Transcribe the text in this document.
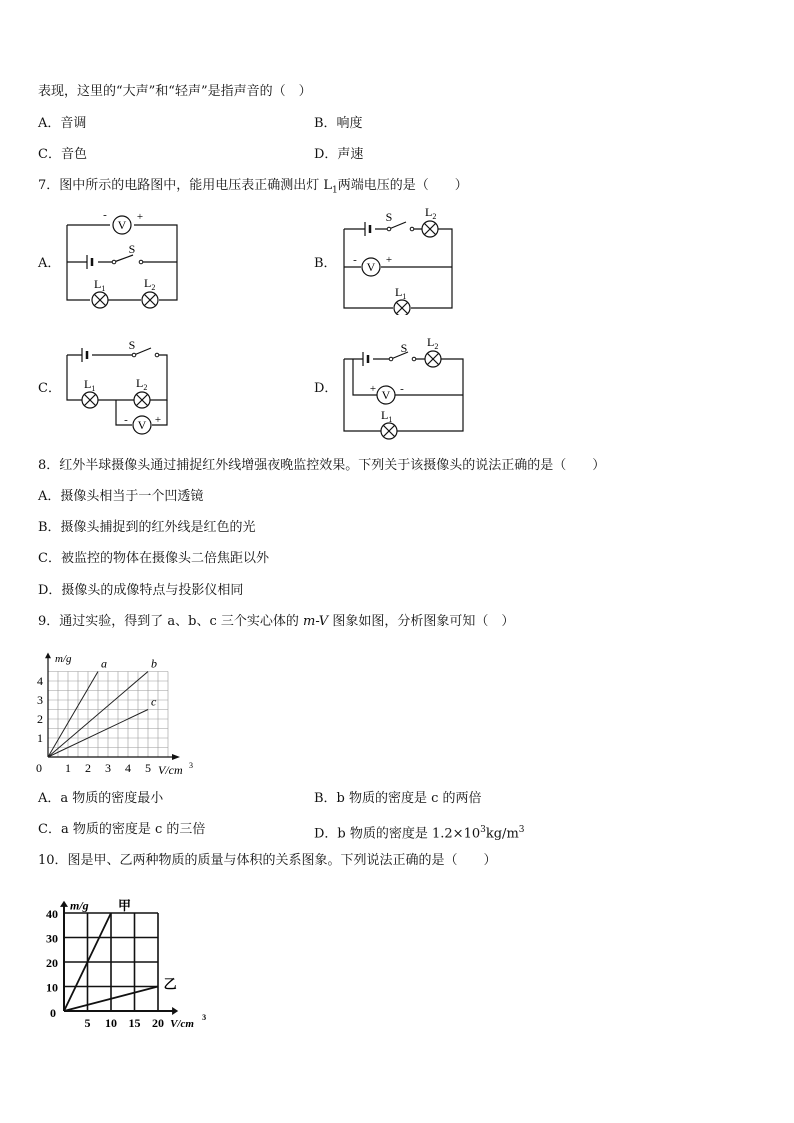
表现，这里的“大声”和“轻声”是指声音的（　）
A．音调	B．响度
C．音色	D．声速
7．图中所示的电路图中，能用电压表正确测出灯 $L_1$两端电压的是（　　）
A．	B．
C．	D．
V
-	+
S
$L_1$	$L_2$
S	$L_2$
$L_1$
V
-	+
S
$L_1$	$L_2$
V
- +
S $L_2$
$L_1$
V
+ -
8．红外半球摄像头通过捕捉红外线增强夜晚监控效果。下列关于该摄像头的说法正确的是（　　）
A．摄像头相当于一个凹透镜
B．摄像头捕捉到的红外线是红色的光
C．被监控的物体在摄像头二倍焦距以外
D．摄像头的成像特点与投影仪相同
9．通过实验，得到了 a、b、c 三个实心体的 m-V 图象如图，分析图象可知（　）
a	b
c
1 2 3 4 5
1
2
3
4
0
m/g
V/cm 3
A．a 物质的密度最小	B．b 物质的密度是 c 的两倍
C．a 物质的密度是 c 的三倍	D．b 物质的密度是 $1.2\times 10^3kg/m^3$
10．图是甲、乙两种物质的质量与体积的关系图象。下列说法正确的是（　　）
甲
乙
5 10 15 20
10
20
30
40
0
m/g
V/cm
3
